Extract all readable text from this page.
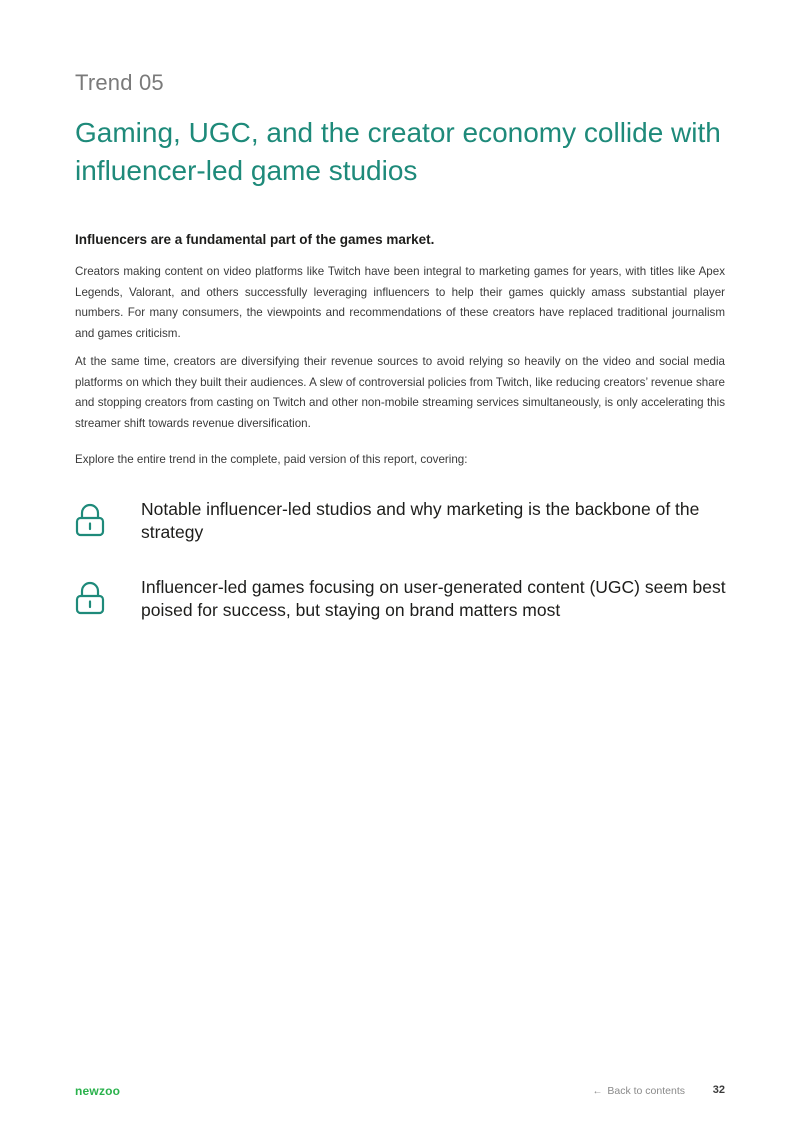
Trend 05
Gaming, UGC, and the creator economy collide with influencer-led game studios
Influencers are a fundamental part of the games market.

Creators making content on video platforms like Twitch have been integral to marketing games for years, with titles like Apex Legends, Valorant, and others successfully leveraging influencers to help their games quickly amass substantial player numbers. For many consumers, the viewpoints and recommendations of these creators have replaced traditional journalism and games criticism.

At the same time, creators are diversifying their revenue sources to avoid relying so heavily on the video and social media platforms on which they built their audiences. A slew of controversial policies from Twitch, like reducing creators’ revenue share and stopping creators from casting on Twitch and other non-mobile streaming services simultaneously, is only accelerating this streamer shift towards revenue diversification.

Explore the entire trend in the complete, paid version of this report, covering:

Notable influencer-led studios and why marketing is the backbone of the strategy
Influencer-led games focusing on user-generated content (UGC) seem best poised for success, but staying on brand matters most
newzoo	← Back to contents	32
